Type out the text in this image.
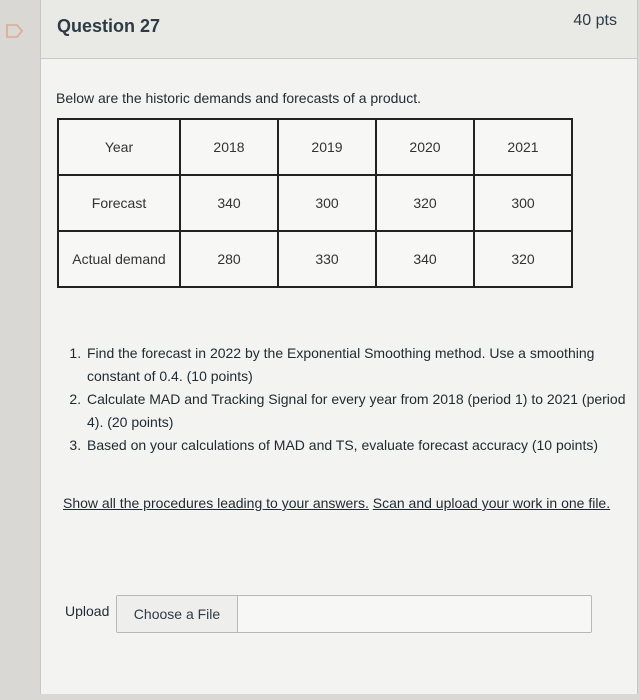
Question 27	40 pts
Below are the historic demands and forecasts of a product.
Year	2018	2019	2020	2021
Forecast	340	300	320	300
Actual demand	280	330	340	320
1. Find the forecast in 2022 by the Exponential Smoothing method. Use a smoothing constant of 0.4. (10 points)
2. Calculate MAD and Tracking Signal for every year from 2018 (period 1) to 2021 (period 4). (20 points)
3. Based on your calculations of MAD and TS, evaluate forecast accuracy (10 points)
Show all the procedures leading to your answers. Scan and upload your work in one file.
Upload	Choose a File
